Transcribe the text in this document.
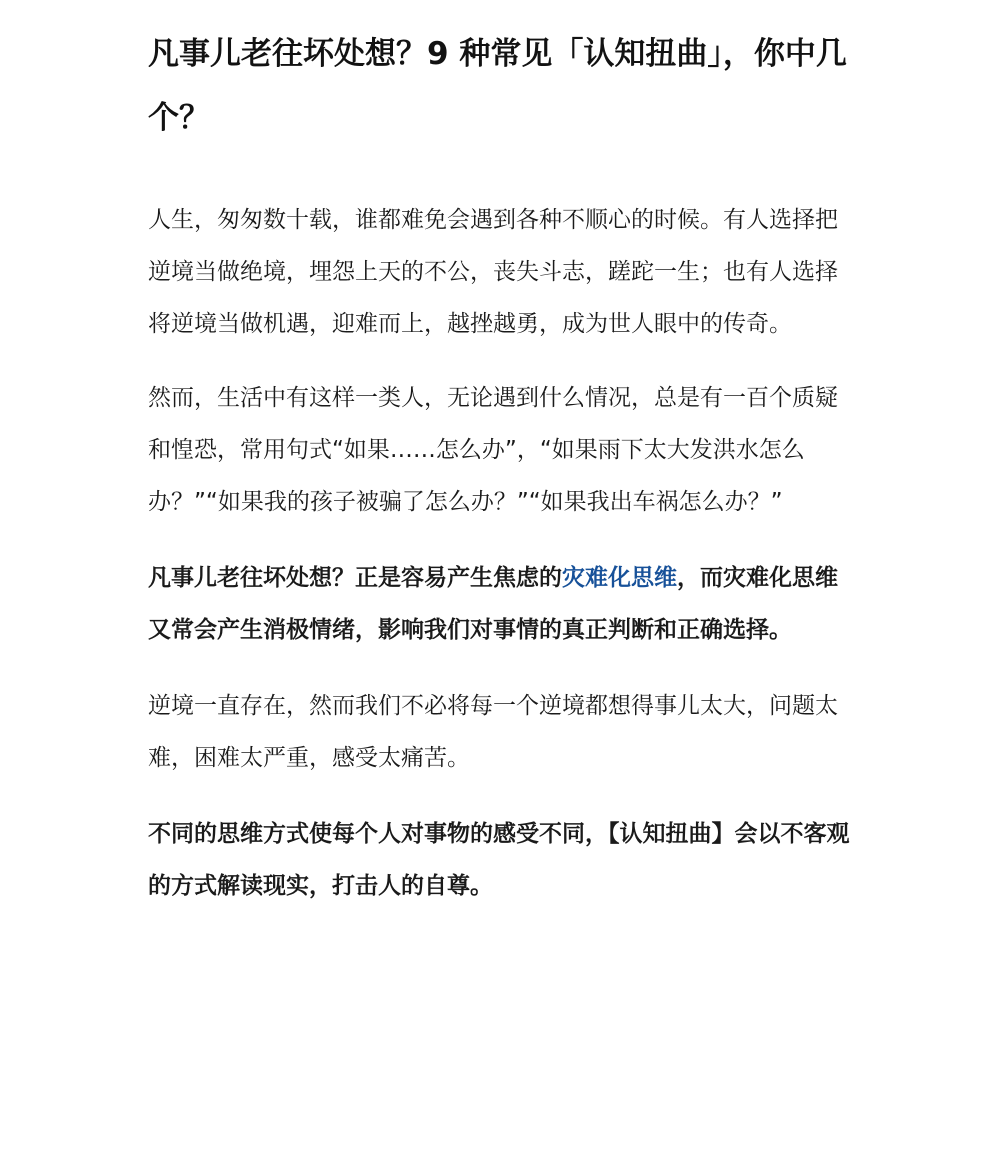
凡事儿老往坏处想？9 种常见「认知扭曲」，你中几个？

人生，匆匆数十载，谁都难免会遇到各种不顺心的时候。有人选择把逆境当做绝境，埋怨上天的不公，丧失斗志，蹉跎一生；也有人选择将逆境当做机遇，迎难而上，越挫越勇，成为世人眼中的传奇。

然而，生活中有这样一类人，无论遇到什么情况，总是有一百个质疑和惶恐，常用句式“如果……怎么办”，“如果雨下太大发洪水怎么办？”“如果我的孩子被骗了怎么办？”“如果我出车祸怎么办？”

凡事儿老往坏处想？正是容易产生焦虑的灾难化思维，而灾难化思维又常会产生消极情绪，影响我们对事情的真正判断和正确选择。

逆境一直存在，然而我们不必将每一个逆境都想得事儿太大，问题太难，困难太严重，感受太痛苦。

不同的思维方式使每个人对事物的感受不同，【认知扭曲】会以不客观的方式解读现实，打击人的自尊。
